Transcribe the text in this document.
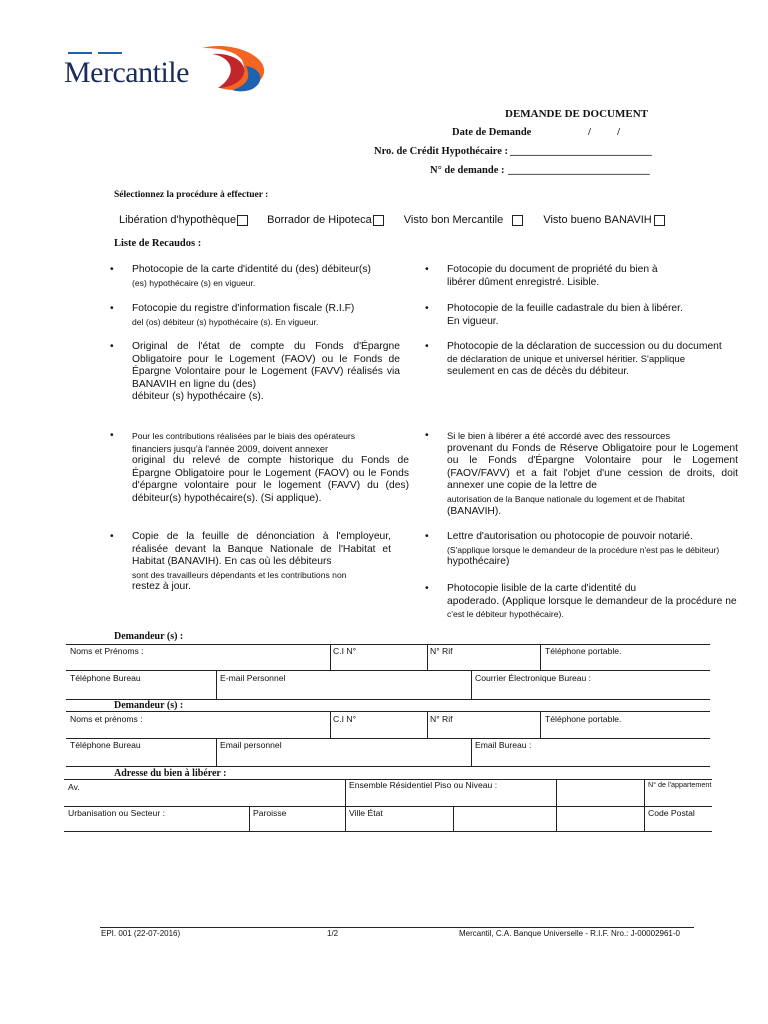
Mercantile
DEMANDE DE DOCUMENT
Date de Demande	/          /
Nro. de Crédit Hypothécaire : ___________________________
N° de demande : ___________________________
Sélectionnez la procédure à effectuer :
Libération d'hypothèque	Borrador de Hipoteca	Visto bon Mercantile	Visto bueno BANAVIH
Liste de Recaudos :
• Photocopie de la carte d'identité du (des) débiteur(s)
(es) hypothécaire (s) en vigueur.
• Fotocopie du registre d'information fiscale (R.I.F)
del (os) débiteur (s) hypothécaire (s). En vigueur.
• Original de l'état de compte du Fonds d'Épargne Obligatoire pour le Logement (FAOV) ou le Fonds de Épargne Volontaire pour le Logement (FAVV) réalisés via BANAVIH en ligne du (des)
débiteur (s) hypothécaire (s).
• Pour les contributions réalisées par le biais des opérateurs
financiers jusqu'à l'année 2009, doivent annexer
original du relevé de compte historique du Fonds de Épargne Obligatoire pour le Logement (FAOV) ou le Fonds d'épargne volontaire pour le logement (FAVV) du (des) débiteur(s) hypothécaire(s). (Si applique).
• Copie de la feuille de dénonciation à l'employeur, réalisée devant la Banque Nationale de l'Habitat et Habitat (BANAVIH). En cas où les débiteurs
sont des travailleurs dépendants et les contributions non
restez à jour.
• Fotocopie du document de propriété du bien à libérer dûment enregistré. Lisible.
• Photocopie de la feuille cadastrale du bien à libérer.
En vigueur.
• Photocopie de la déclaration de succession ou du document
de déclaration de unique et universel héritier. S'applique
seulement en cas de décès du débiteur.
• Si le bien à libérer a été accordé avec des ressources
provenant du Fonds de Réserve Obligatoire pour le Logement ou le Fonds d'Épargne Volontaire pour le Logement (FAOV/FAVV) et a fait l'objet d'une cession de droits, doit annexer une copie de la lettre de
autorisation de la Banque nationale du logement et de l'habitat
(BANAVIH).
• Lettre d'autorisation ou photocopie de pouvoir notarié.
(S'applique lorsque le demandeur de la procédure n'est pas le débiteur)
hypothécaire)
• Photocopie lisible de la carte d'identité du
apoderado. (Applique lorsque le demandeur de la procédure ne
c'est le débiteur hypothécaire).
Demandeur (s) :
Noms et Prénoms :	C.I N°	N° Rif	Téléphone portable.
Téléphone Bureau	E-mail Personnel	Courrier Électronique Bureau :
Demandeur (s) :
Noms et prénoms :	C.I N°	N° Rif	Téléphone portable.
Téléphone Bureau	Email personnel	Email Bureau :
Adresse du bien à libérer :
Av.	Ensemble Résidentiel Piso ou Niveau :	N° de l'appartement
Urbanisation ou Secteur :	Paroisse	Ville État	Code Postal
EPI. 001 (22-07-2016)	1/2	Mercantil, C.A. Banque Universelle - R.I.F. Nro.: J-00002961-0
